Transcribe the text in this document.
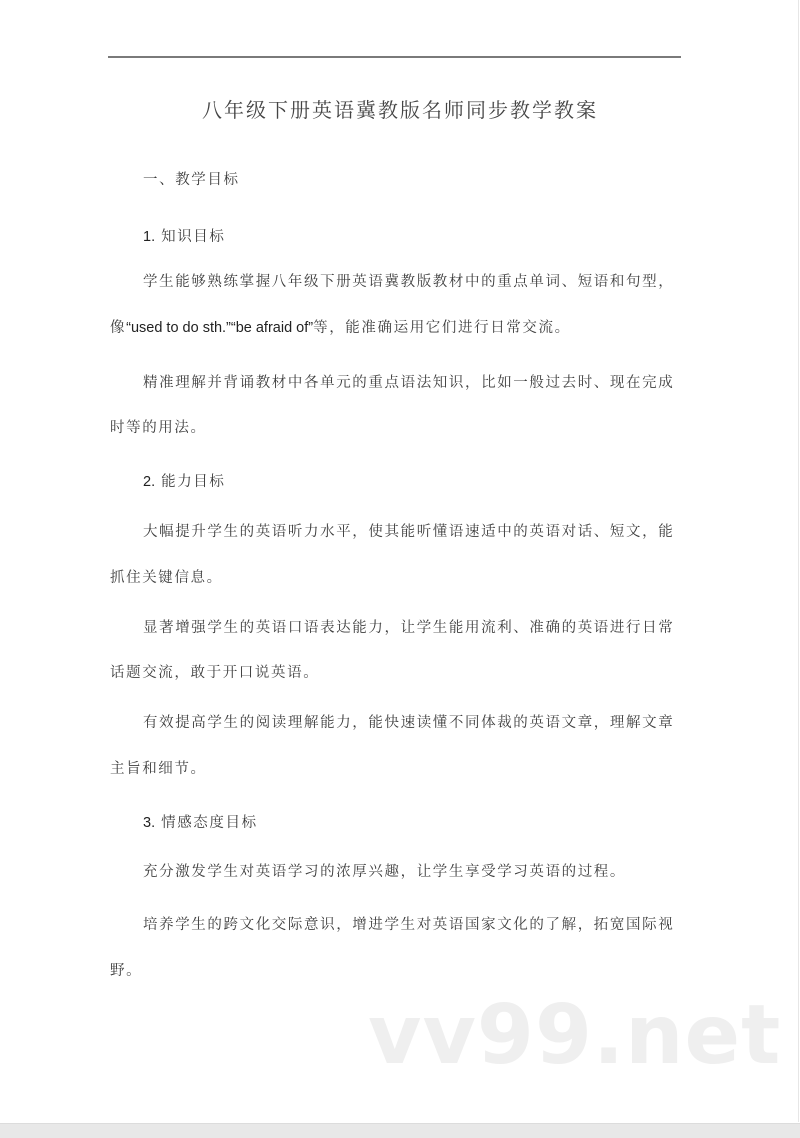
八年级下册英语冀教版名师同步教学教案
一、教学目标
1. 知识目标
学生能够熟练掌握八年级下册英语冀教版教材中的重点单词、短语和句型，
像“used to do sth.”“be afraid of”等，能准确运用它们进行日常交流。
精准理解并背诵教材中各单元的重点语法知识，比如一般过去时、现在完成
时等的用法。
2. 能力目标
大幅提升学生的英语听力水平，使其能听懂语速适中的英语对话、短文，能
抓住关键信息。
显著增强学生的英语口语表达能力，让学生能用流利、准确的英语进行日常
话题交流，敢于开口说英语。
有效提高学生的阅读理解能力，能快速读懂不同体裁的英语文章，理解文章
主旨和细节。
3. 情感态度目标
充分激发学生对英语学习的浓厚兴趣，让学生享受学习英语的过程。
培养学生的跨文化交际意识，增进学生对英语国家文化的了解，拓宽国际视
野。
vv99.net
